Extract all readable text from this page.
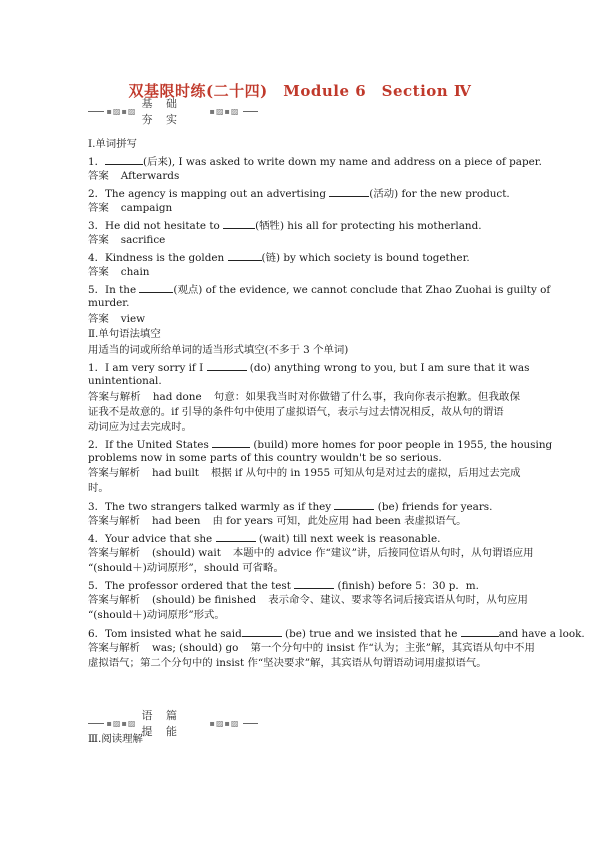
双基限时练(二十四)　Module 6　Section Ⅳ
▪▨▪▨
基 础 夯 实
▪▨▪▨
Ⅰ.单词拼写
1．	(后来), I was asked to write down my name and address on a piece of paper.
答案 Afterwards
2．The agency is mapping out an advertising	(活动) for the new product.
答案 campaign
3．He did not hesitate to	(牺牲) his all for protecting his motherland.
答案 sacrifice
4．Kindness is the golden	(链) by which society is bound together.
答案 chain
5．In the	(观点) of the evidence, we cannot conclude that Zhao Zuohai is guilty of
murder.
答案 view
Ⅱ.单句语法填空
用适当的词或所给单词的适当形式填空(不多于 3 个单词)
1．I am very sorry if I	(do) anything wrong to you, but I am sure that it was
unintentional.
答案与解析 had done 句意：如果我当时对你做错了什么事，我向你表示抱歉。但我敢保
证我不是故意的。if 引导的条件句中使用了虚拟语气，表示与过去情况相反，故从句的谓语
动词应为过去完成时。
2．If the United States	(build) more homes for poor people in 1955, the housing
problems now in some parts of this country wouldn't be so serious.
答案与解析 had built 根据 if 从句中的 in 1955 可知从句是对过去的虚拟，后用过去完成
时。
3．The two strangers talked warmly as if they	(be) friends for years.
答案与解析 had been 由 for years 可知，此处应用 had been 表虚拟语气。
4．Your advice that she	(wait) till next week is reasonable.
答案与解析 (should) wait 本题中的 advice 作“建议”讲，后接同位语从句时，从句谓语应用
“(should＋)动词原形”，should 可省略。
5．The professor ordered that the test	(finish) before 5：30 p．m.
答案与解析 (should) be finished 表示命令、建议、要求等名词后接宾语从句时，从句应用
“(should＋)动词原形”形式。
6．Tom insisted what he said	(be) true and we insisted that he	and have a look.
答案与解析 was; (should) go 第一个分句中的 insist 作“认为；主张”解，其宾语从句中不用
虚拟语气；第二个分句中的 insist 作“坚决要求”解，其宾语从句谓语动词用虚拟语气。
▪▨▪▨
语 篇 提 能
▪▨▪▨
Ⅲ.阅读理解
